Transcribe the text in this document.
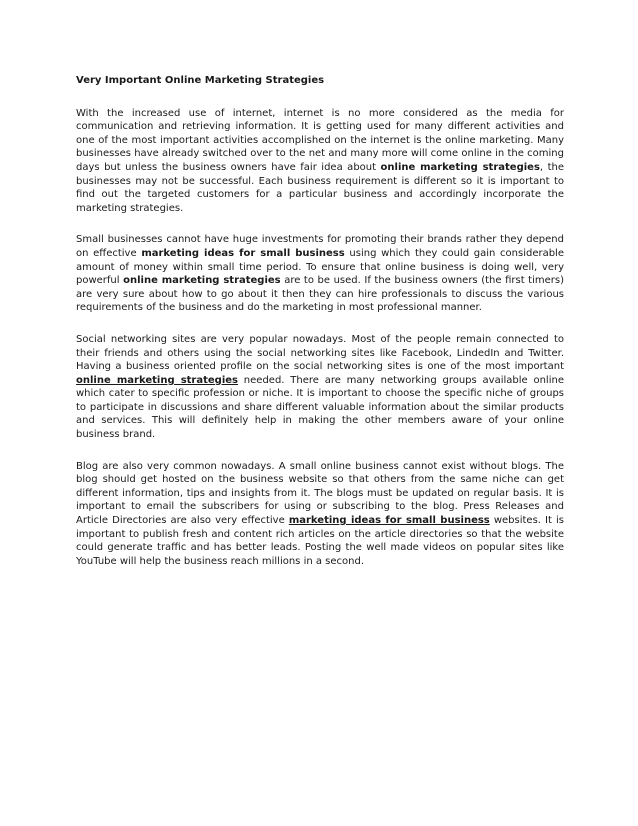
Very Important Online Marketing Strategies

With the increased use of internet, internet is no more considered as the media for communication and retrieving information. It is getting used for many different activities and one of the most important activities accomplished on the internet is the online marketing. Many businesses have already switched over to the net and many more will come online in the coming days but unless the business owners have fair idea about online marketing strategies, the businesses may not be successful. Each business requirement is different so it is important to find out the targeted customers for a particular business and accordingly incorporate the marketing strategies.

Small businesses cannot have huge investments for promoting their brands rather they depend on effective marketing ideas for small business using which they could gain considerable amount of money within small time period. To ensure that online business is doing well, very powerful online marketing strategies are to be used. If the business owners (the first timers) are very sure about how to go about it then they can hire professionals to discuss the various requirements of the business and do the marketing in most professional manner.

Social networking sites are very popular nowadays. Most of the people remain connected to their friends and others using the social networking sites like Facebook, LindedIn and Twitter. Having a business oriented profile on the social networking sites is one of the most important online marketing strategies needed. There are many networking groups available online which cater to specific profession or niche. It is important to choose the specific niche of groups to participate in discussions and share different valuable information about the similar products and services. This will definitely help in making the other members aware of your online business brand.

Blog are also very common nowadays. A small online business cannot exist without blogs. The blog should get hosted on the business website so that others from the same niche can get different information, tips and insights from it. The blogs must be updated on regular basis. It is important to email the subscribers for using or subscribing to the blog. Press Releases and Article Directories are also very effective marketing ideas for small business websites. It is important to publish fresh and content rich articles on the article directories so that the website could generate traffic and has better leads. Posting the well made videos on popular sites like YouTube will help the business reach millions in a second.
